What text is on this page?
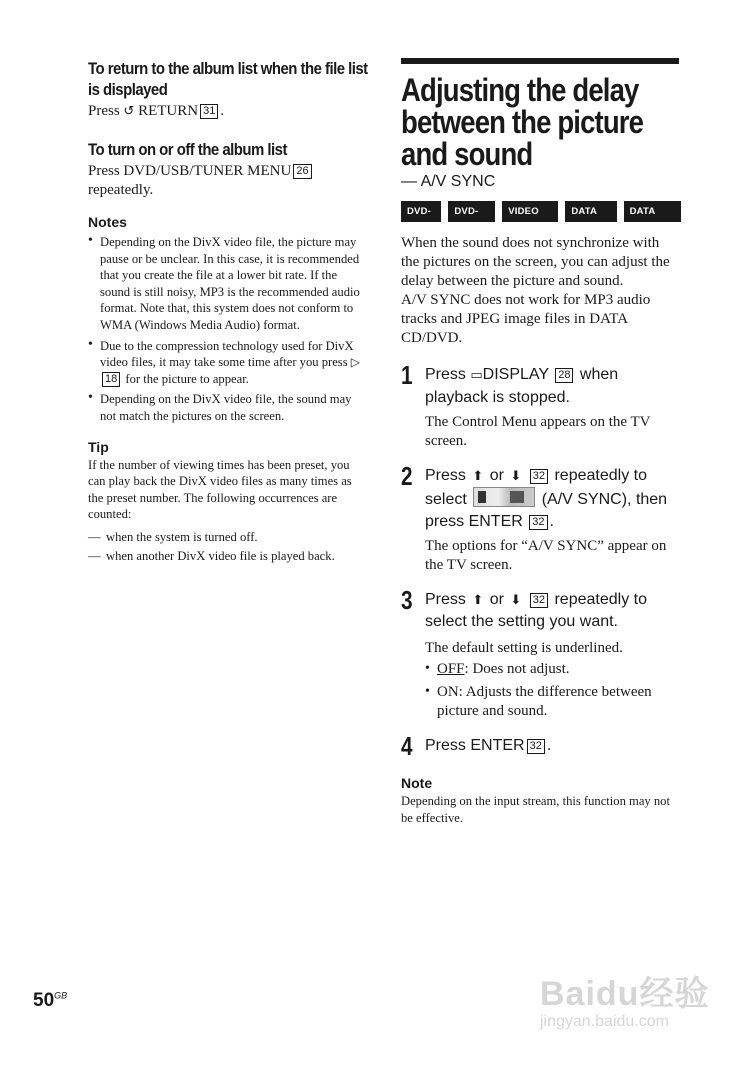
To return to the album list when the file list is displayed

Press ↺ RETURN 31 .

To turn on or off the album list

Press DVD/USB/TUNER MENU 26
repeatedly.

Notes
• Depending on the DivX video file, the picture may pause or be unclear. In this case, it is recommended that you create the file at a lower bit rate. If the sound is still noisy, MP3 is the recommended audio format. Note that, this system does not conform to WMA (Windows Media Audio) format.
• Due to the compression technology used for DivX video files, it may take some time after you press ▷ 18 for the picture to appear.
• Depending on the DivX video file, the sound may not match the pictures on the screen.
Tip
If the number of viewing times has been preset, you can play back the DivX video files as many times as the preset number. The following occurrences are counted:
— when the system is turned off.
— when another DivX video file is played back.
Adjusting the delay between the picture and sound
— A/V SYNC
DVD-V
DVD-VR
VIDEO CD
DATA CD
DATA DVD

When the sound does not synchronize with the pictures on the screen, you can adjust the delay between the picture and sound.

A/V SYNC does not work for MP3 audio tracks and JPEG image files in DATA CD/DVD.

1 Press ▭DISPLAY 28 when playback is stopped.
The Control Menu appears on the TV screen.
2 Press ⬆ or ⬇ 32 repeatedly to select	(A/V SYNC), then press ENTER 32 .
The options for “A/V SYNC” appear on the TV screen.
3 Press ⬆ or ⬇ 32 repeatedly to select the setting you want.
The default setting is underlined.
• OFF: Does not adjust.
• ON: Adjusts the difference between picture and sound.
4 Press ENTER 32 .
Note
Depending on the input stream, this function may not be effective.
$50^{GB}$	Baidu经验
jingyan.baidu.com
